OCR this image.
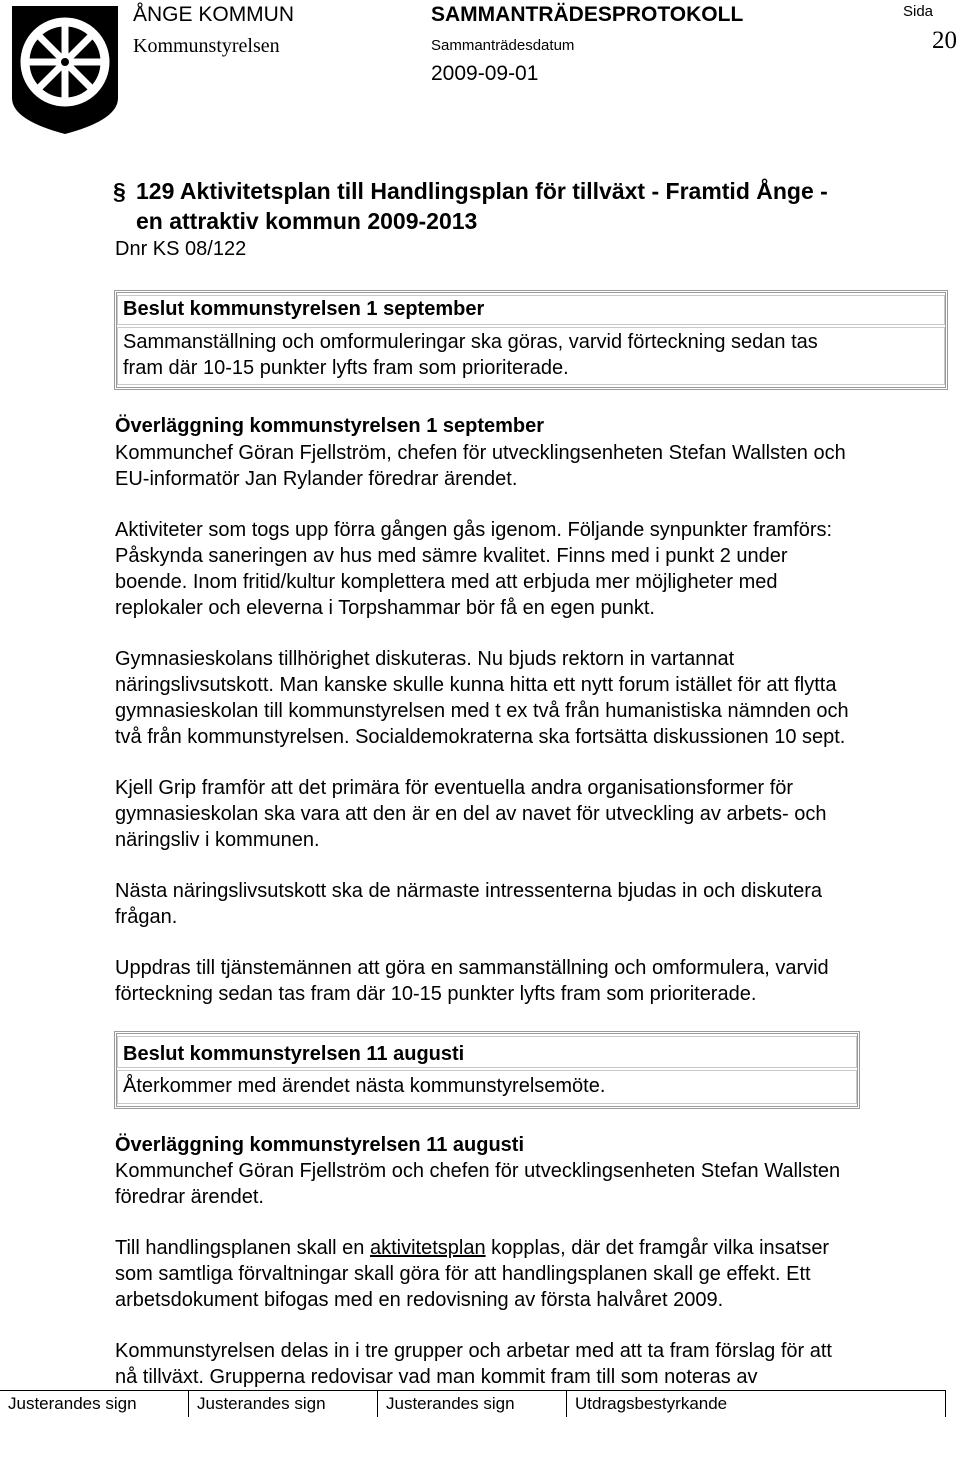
ÅNGE KOMMUN
Kommunstyrelsen
SAMMANTRÄDESPROTOKOLL
Sammanträdesdatum
2009-09-01
Sida
20
§ 129 Aktivitetsplan till Handlingsplan för tillväxt - Framtid Ånge -
en attraktiv kommun 2009-2013
Dnr KS 08/122
Beslut kommunstyrelsen 1 september
Sammanställning och omformuleringar ska göras, varvid förteckning sedan tas
fram där 10-15 punkter lyfts fram som prioriterade.
Överläggning kommunstyrelsen 1 september
Kommunchef Göran Fjellström, chefen för utvecklingsenheten Stefan Wallsten och
EU-informatör Jan Rylander föredrar ärendet.
Aktiviteter som togs upp förra gången gås igenom. Följande synpunkter framförs:
Påskynda saneringen av hus med sämre kvalitet. Finns med i punkt 2 under
boende. Inom fritid/kultur komplettera med att erbjuda mer möjligheter med
replokaler och eleverna i Torpshammar bör få en egen punkt.
Gymnasieskolans tillhörighet diskuteras. Nu bjuds rektorn in vartannat
näringslivsutskott. Man kanske skulle kunna hitta ett nytt forum istället för att flytta
gymnasieskolan till kommunstyrelsen med t ex två från humanistiska nämnden och
två från kommunstyrelsen. Socialdemokraterna ska fortsätta diskussionen 10 sept.
Kjell Grip framför att det primära för eventuella andra organisationsformer för
gymnasieskolan ska vara att den är en del av navet för utveckling av arbets- och
näringsliv i kommunen.
Nästa näringslivsutskott ska de närmaste intressenterna bjudas in och diskutera
frågan.
Uppdras till tjänstemännen att göra en sammanställning och omformulera, varvid
förteckning sedan tas fram där 10-15 punkter lyfts fram som prioriterade.
Beslut kommunstyrelsen 11 augusti
Återkommer med ärendet nästa kommunstyrelsemöte.
Överläggning kommunstyrelsen 11 augusti
Kommunchef Göran Fjellström och chefen för utvecklingsenheten Stefan Wallsten
föredrar ärendet.
Till handlingsplanen skall en aktivitetsplan kopplas, där det framgår vilka insatser
som samtliga förvaltningar skall göra för att handlingsplanen skall ge effekt. Ett
arbetsdokument bifogas med en redovisning av första halvåret 2009.
Kommunstyrelsen delas in i tre grupper och arbetar med att ta fram förslag för att
nå tillväxt. Grupperna redovisar vad man kommit fram till som noteras av
Justerandes sign	Justerandes sign	Justerandes sign	Utdragsbestyrkande
